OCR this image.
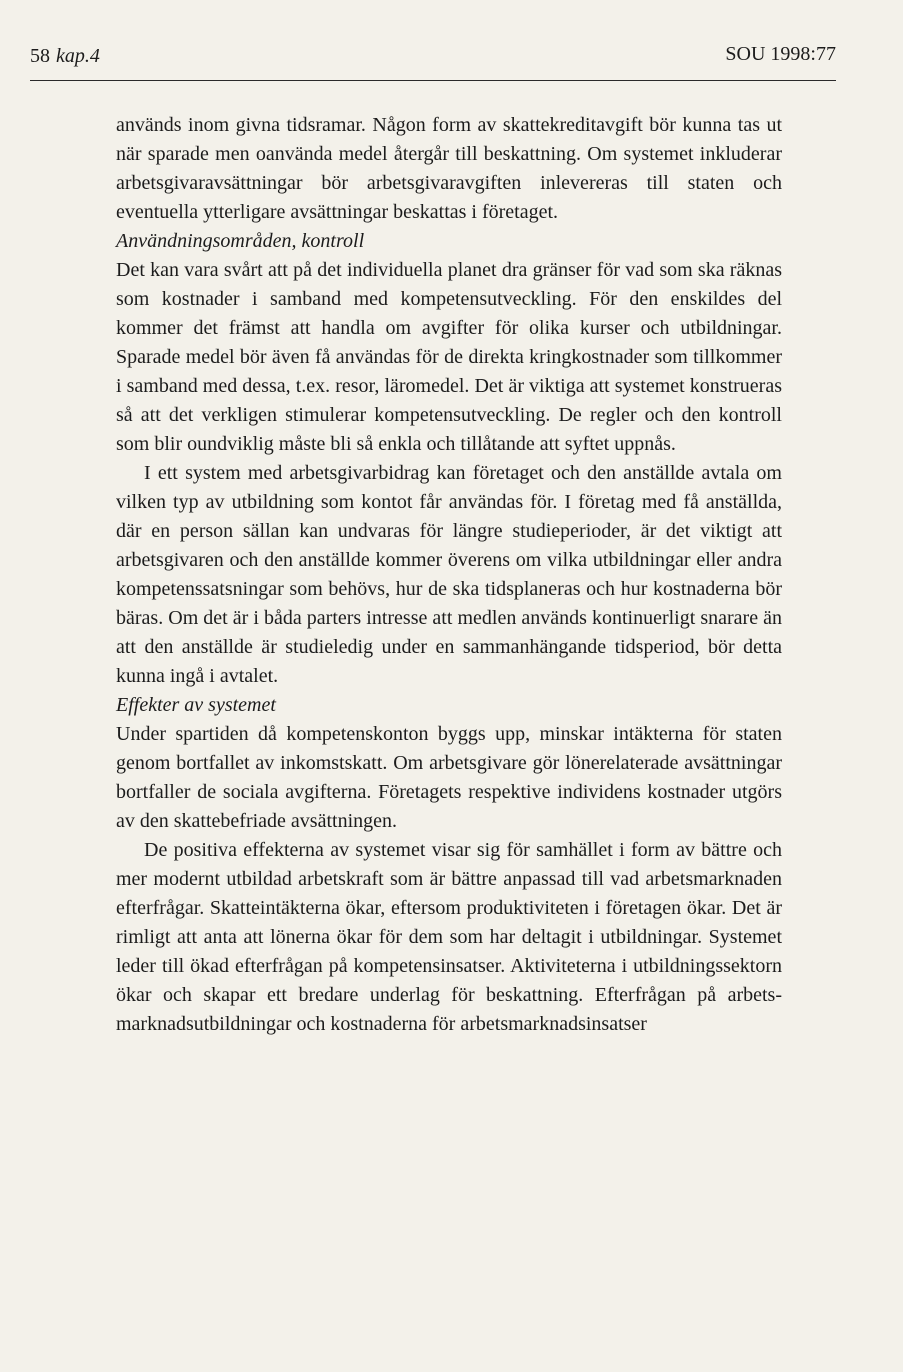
58 kap.4	SOU 1998:77

används inom givna tidsramar. Någon form av skattekreditavgift bör kunna tas ut när sparade men oanvända medel återgår till beskattning. Om systemet inkluderar arbetsgivaravsättningar bör arbetsgivaravgiften inlevereras till staten och eventuella ytterligare avsättningar beskattas i företaget.

Användningsområden, kontroll

Det kan vara svårt att på det individuella planet dra gränser för vad som ska räknas som kostnader i samband med kompetensutveckling. För den enskildes del kommer det främst att handla om avgifter för olika kurser och utbildningar. Sparade medel bör även få användas för de direkta kringkostnader som tillkommer i samband med dessa, t.ex. resor, läromedel. Det är viktiga att systemet konstrueras så att det verkligen stimulerar kompetensutveckling. De regler och den kontroll som blir oundviklig måste bli så enkla och tillåtande att syftet uppnås.

I ett system med arbetsgivarbidrag kan företaget och den anställde avtala om vilken typ av utbildning som kontot får användas för. I företag med få anställda, där en person sällan kan undvaras för längre studieperioder, är det viktigt att arbetsgivaren och den anställde kommer överens om vilka utbildningar eller andra kompetenssatsningar som behövs, hur de ska tidsplaneras och hur kostnaderna bör bäras. Om det är i båda parters intresse att medlen används kontinuerligt snarare än att den anställde är studieledig under en sammanhängande tidsperiod, bör detta kunna ingå i avtalet.

Effekter av systemet

Under spartiden då kompetenskonton byggs upp, minskar intäkterna för staten genom bortfallet av inkomstskatt. Om arbetsgivare gör lönerelaterade avsättningar bortfaller de sociala avgifterna. Företagets respektive individens kostnader utgörs av den skattebefriade avsättningen.

De positiva effekterna av systemet visar sig för samhället i form av bättre och mer modernt utbildad arbetskraft som är bättre anpassad till vad arbetsmarknaden efterfrågar. Skatteintäkterna ökar, eftersom produktiviteten i företagen ökar. Det är rimligt att anta att lönerna ökar för dem som har deltagit i utbildningar. Systemet leder till ökad efterfrågan på kompetensinsatser. Aktiviteterna i utbildningssektorn ökar och skapar ett bredare underlag för beskattning. Efterfrågan på arbetsmarknadsutbildningar och kostnaderna för arbetsmarknadsinsatser
